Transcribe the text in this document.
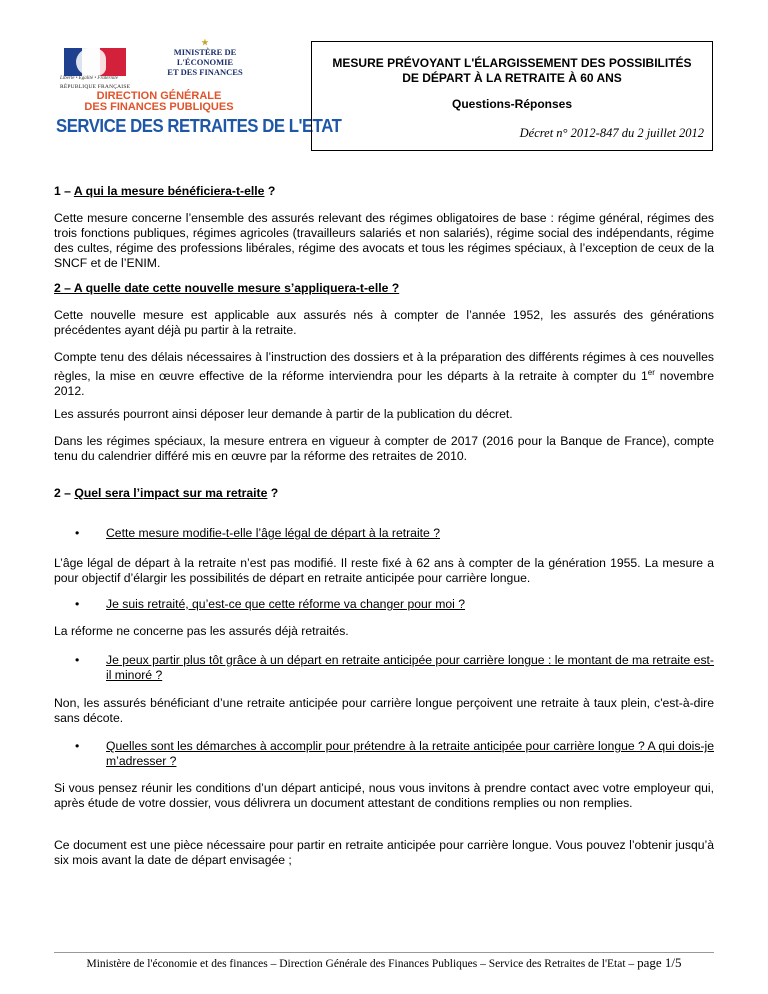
Liberté • Égalité • Fraternité
RÉPUBLIQUE FRANÇAISE
★
MINISTÈRE DE L'ÉCONOMIE
ET DES FINANCES
DIRECTION GÉNÉRALE
DES FINANCES PUBLIQUES
SERVICE DES RETRAITES DE L'ETAT
MESURE PRÉVOYANT L'ÉLARGISSEMENT DES POSSIBILITÉS
DE DÉPART À LA RETRAITE À 60 ANS
Questions-Réponses
Décret n° 2012-847 du 2 juillet 2012

1 – A qui la mesure bénéficiera-t-elle ?

Cette mesure concerne l’ensemble des assurés relevant des régimes obligatoires de base : régime général, régimes des trois fonctions publiques, régimes agricoles (travailleurs salariés et non salariés), régime social des indépendants, régime des cultes, régime des professions libérales, régime des avocats et tous les régimes spéciaux, à l’exception de ceux de la SNCF et de l’ENIM.

2 – A quelle date cette nouvelle mesure s’appliquera-t-elle ?

Cette nouvelle mesure est applicable aux assurés nés à compter de l’année 1952, les assurés des générations précédentes ayant déjà pu partir à la retraite.

Compte tenu des délais nécessaires à l’instruction des dossiers et à la préparation des différents régimes à ces nouvelles règles, la mise en œuvre effective de la réforme interviendra pour les départs à la retraite à compter du 1er novembre 2012.

Les assurés pourront ainsi déposer leur demande à partir de la publication du décret.

Dans les régimes spéciaux, la mesure entrera en vigueur à compter de 2017 (2016 pour la Banque de France), compte tenu du calendrier différé mis en œuvre par la réforme des retraites de 2010.

2 – Quel sera l’impact sur ma retraite ?

• Cette mesure modifie-t-elle l’âge légal de départ à la retraite ?

L’âge légal de départ à la retraite n’est pas modifié. Il reste fixé à 62 ans à compter de la génération 1955. La mesure a pour objectif d’élargir les possibilités de départ en retraite anticipée pour carrière longue.

• Je suis retraité, qu’est-ce que cette réforme va changer pour moi ?

La réforme ne concerne pas les assurés déjà retraités.

• Je peux partir plus tôt grâce à un départ en retraite anticipée pour carrière longue : le montant de ma retraite est-il minoré ?

Non, les assurés bénéficiant d’une retraite anticipée pour carrière longue perçoivent une retraite à taux plein, c'est-à-dire sans décote.

• Quelles sont les démarches à accomplir pour prétendre à la retraite anticipée pour carrière longue ? A qui dois-je m’adresser ?

Si vous pensez réunir les conditions d’un départ anticipé, nous vous invitons à prendre contact avec votre employeur qui, après étude de votre dossier, vous délivrera un document attestant de conditions remplies ou non remplies.

Ce document est une pièce nécessaire pour partir en retraite anticipée pour carrière longue. Vous pouvez l’obtenir jusqu’à six mois avant la date de départ envisagée ;

Ministère de l'économie et des finances – Direction Générale des Finances Publiques – Service des Retraites de l'Etat – page 1/5
